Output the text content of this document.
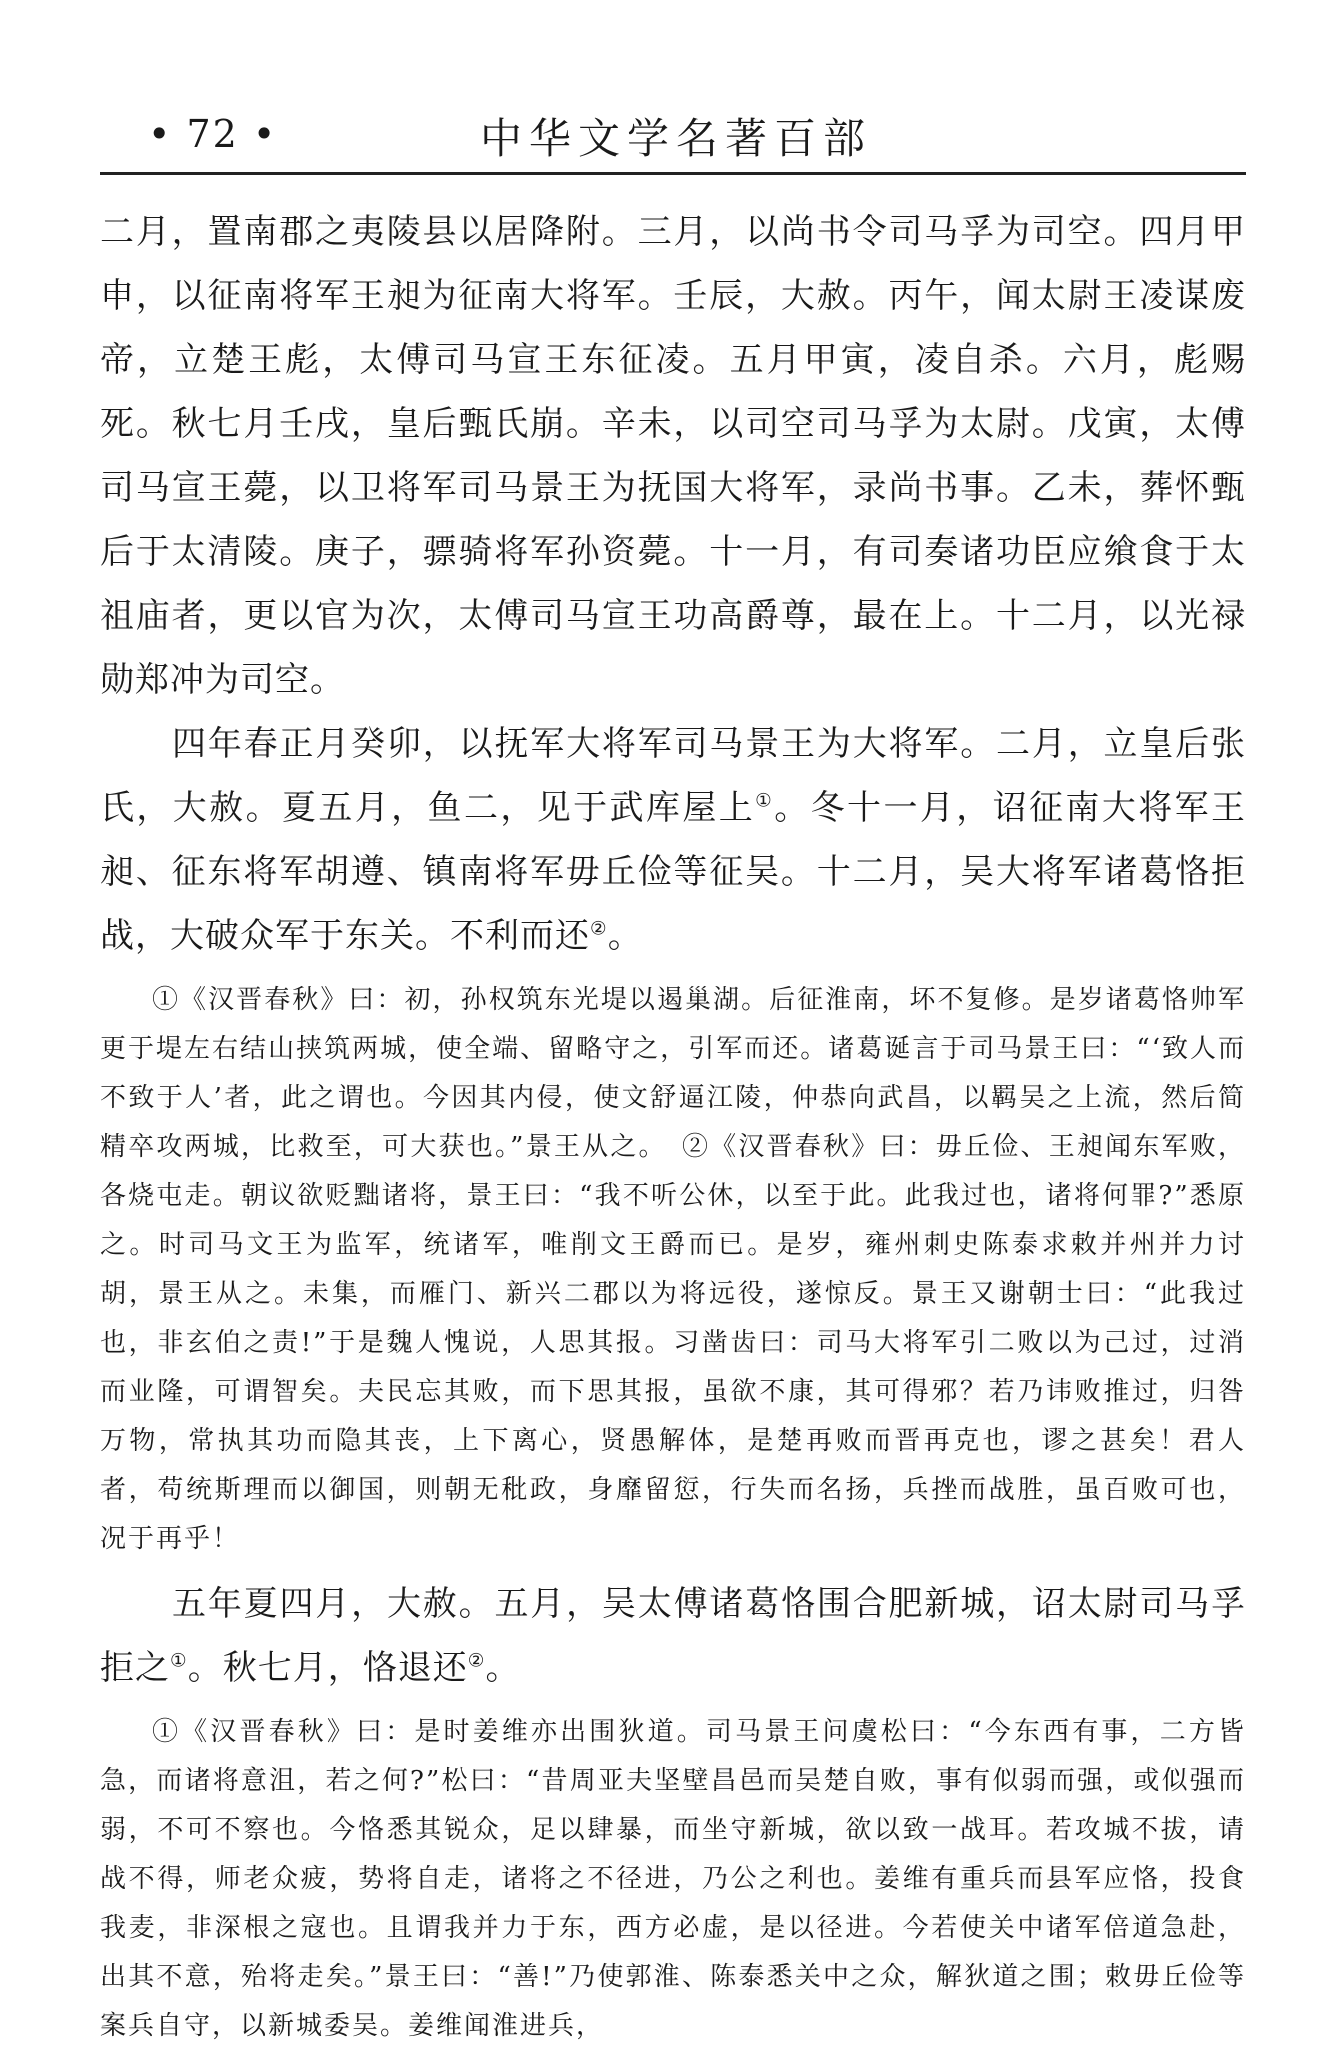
• 72 •	中华文学名著百部

二月，置南郡之夷陵县以居降附。三月，以尚书令司马孚为司空。四月甲申，以征南将军王昶为征南大将军。壬辰，大赦。丙午，闻太尉王凌谋废帝，立楚王彪，太傅司马宣王东征凌。五月甲寅，凌自杀。六月，彪赐死。秋七月壬戌，皇后甄氏崩。辛未，以司空司马孚为太尉。戊寅，太傅司马宣王薨，以卫将军司马景王为抚国大将军，录尚书事。乙未，葬怀甄后于太清陵。庚子，骠骑将军孙资薨。十一月，有司奏诸功臣应飨食于太祖庙者，更以官为次，太傅司马宣王功高爵尊，最在上。十二月，以光禄勋郑冲为司空。

四年春正月癸卯，以抚军大将军司马景王为大将军。二月，立皇后张氏，大赦。夏五月，鱼二，见于武库屋上①。冬十一月，诏征南大将军王昶、征东将军胡遵、镇南将军毋丘俭等征吴。十二月，吴大将军诸葛恪拒战，大破众军于东关。不利而还②。

①《汉晋春秋》曰：初，孙权筑东光堤以遏巢湖。后征淮南，坏不复修。是岁诸葛恪帅军更于堤左右结山挟筑两城，使全端、留略守之，引军而还。诸葛诞言于司马景王曰：“‘致人而不致于人’者，此之谓也。今因其内侵，使文舒逼江陵，仲恭向武昌，以羁吴之上流，然后简精卒攻两城，比救至，可大获也。”景王从之。　②《汉晋春秋》曰：毋丘俭、王昶闻东军败，各烧屯走。朝议欲贬黜诸将，景王曰：“我不听公休，以至于此。此我过也，诸将何罪?”悉原之。时司马文王为监军，统诸军，唯削文王爵而已。是岁，雍州刺史陈泰求敕并州并力讨胡，景王从之。未集，而雁门、新兴二郡以为将远役，遂惊反。景王又谢朝士曰：“此我过也，非玄伯之责!”于是魏人愧说，人思其报。习凿齿曰：司马大将军引二败以为己过，过消而业隆，可谓智矣。夫民忘其败，而下思其报，虽欲不康，其可得邪？若乃讳败推过，归咎万物，常执其功而隐其丧，上下离心，贤愚解体，是楚再败而晋再克也，谬之甚矣！君人者，苟统斯理而以御国，则朝无秕政，身靡留愆，行失而名扬，兵挫而战胜，虽百败可也，况于再乎！

五年夏四月，大赦。五月，吴太傅诸葛恪围合肥新城，诏太尉司马孚拒之①。秋七月，恪退还②。

①《汉晋春秋》曰：是时姜维亦出围狄道。司马景王问虞松曰：“今东西有事，二方皆急，而诸将意沮，若之何?”松曰：“昔周亚夫坚壁昌邑而吴楚自败，事有似弱而强，或似强而弱，不可不察也。今恪悉其锐众，足以肆暴，而坐守新城，欲以致一战耳。若攻城不拔，请战不得，师老众疲，势将自走，诸将之不径进，乃公之利也。姜维有重兵而县军应恪，投食我麦，非深根之寇也。且谓我并力于东，西方必虚，是以径进。今若使关中诸军倍道急赴，出其不意，殆将走矣。”景王曰：“善!”乃使郭淮、陈泰悉关中之众，解狄道之围；敕毋丘俭等案兵自守，以新城委吴。姜维闻淮进兵，
